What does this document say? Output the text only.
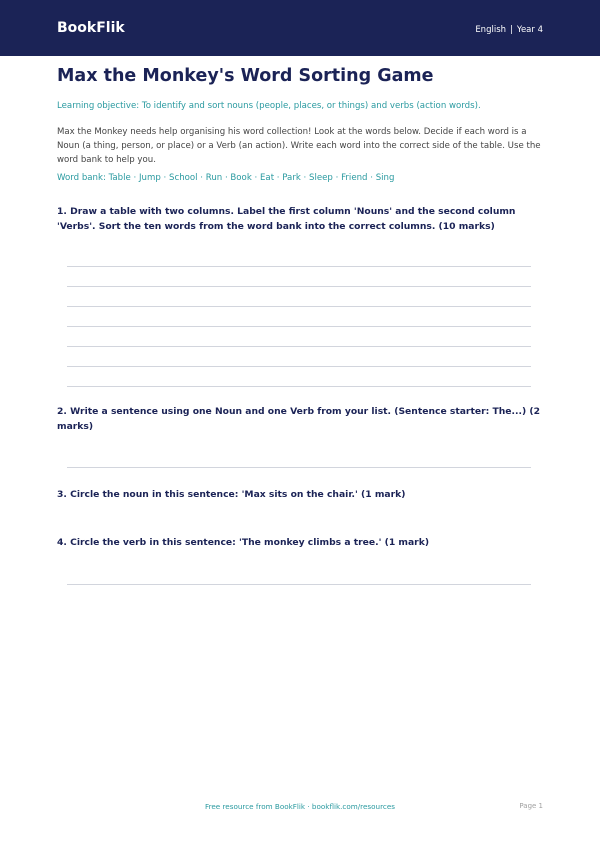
BookFlik	English | Year 4
Max the Monkey's Word Sorting Game
Learning objective: To identify and sort nouns (people, places, or things) and verbs (action words).
Max the Monkey needs help organising his word collection! Look at the words below. Decide if each word is a Noun (a thing, person, or place) or a Verb (an action). Write each word into the correct side of the table. Use the word bank to help you.
Word bank: Table · Jump · School · Run · Book · Eat · Park · Sleep · Friend · Sing
1. Draw a table with two columns. Label the first column 'Nouns' and the second column 'Verbs'. Sort the ten words from the word bank into the correct columns. (10 marks)
2. Write a sentence using one Noun and one Verb from your list. (Sentence starter: The...) (2 marks)
3. Circle the noun in this sentence: 'Max sits on the chair.' (1 mark)
4. Circle the verb in this sentence: 'The monkey climbs a tree.' (1 mark)
Free resource from BookFlik · bookflik.com/resources	Page 1
